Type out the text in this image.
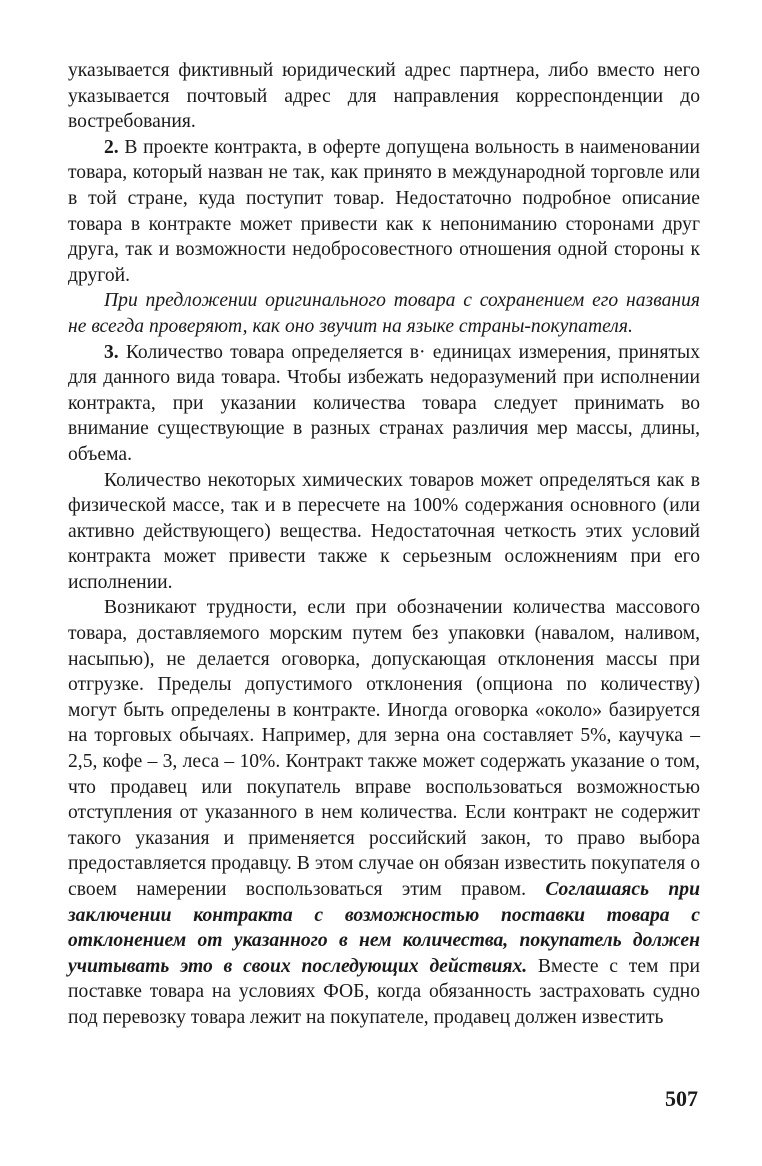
указывается фиктивный юридический адрес партнера, либо вместо него указывается почтовый адрес для направления корреспонденции до востребования.

2. В проекте контракта, в оферте допущена вольность в наименовании товара, который назван не так, как принято в международной торговле или в той стране, куда поступит товар. Недостаточно подробное описание товара в контракте может привести как к непониманию сторонами друг друга, так и возможности недобросовестного отношения одной стороны к другой.

При предложении оригинального товара с сохранением его названия не всегда проверяют, как оно звучит на языке страны-покупателя.

3. Количество товара определяется в· единицах измерения, принятых для данного вида товара. Чтобы избежать недоразумений при исполнении контракта, при указании количества товара следует принимать во внимание существующие в разных странах различия мер массы, длины, объема.

Количество некоторых химических товаров может определяться как в физической массе, так и в пересчете на 100% содержания основного (или активно действующего) вещества. Недостаточная четкость этих условий контракта может привести также к серьезным осложнениям при его исполнении.

Возникают трудности, если при обозначении количества массового товара, доставляемого морским путем без упаковки (навалом, наливом, насыпью), не делается оговорка, допускающая отклонения массы при отгрузке. Пределы допустимого отклонения (опциона по количеству) могут быть определены в контракте. Иногда оговорка «около» базируется на торговых обычаях. Например, для зерна она составляет 5%, каучука – 2,5, кофе – 3, леса – 10%. Контракт также может содержать указание о том, что продавец или покупатель вправе воспользоваться возможностью отступления от указанного в нем количества. Если контракт не содержит такого указания и применяется российский закон, то право выбора предоставляется продавцу. В этом случае он обязан известить покупателя о своем намерении воспользоваться этим правом. Соглашаясь при заключении контракта с возможностью поставки товара с отклонением от указанного в нем количества, покупатель должен учитывать это в своих последующих действиях. Вместе с тем при поставке товара на условиях ФОБ, когда обязанность застраховать судно под перевозку товара лежит на покупателе, продавец должен известить

507
